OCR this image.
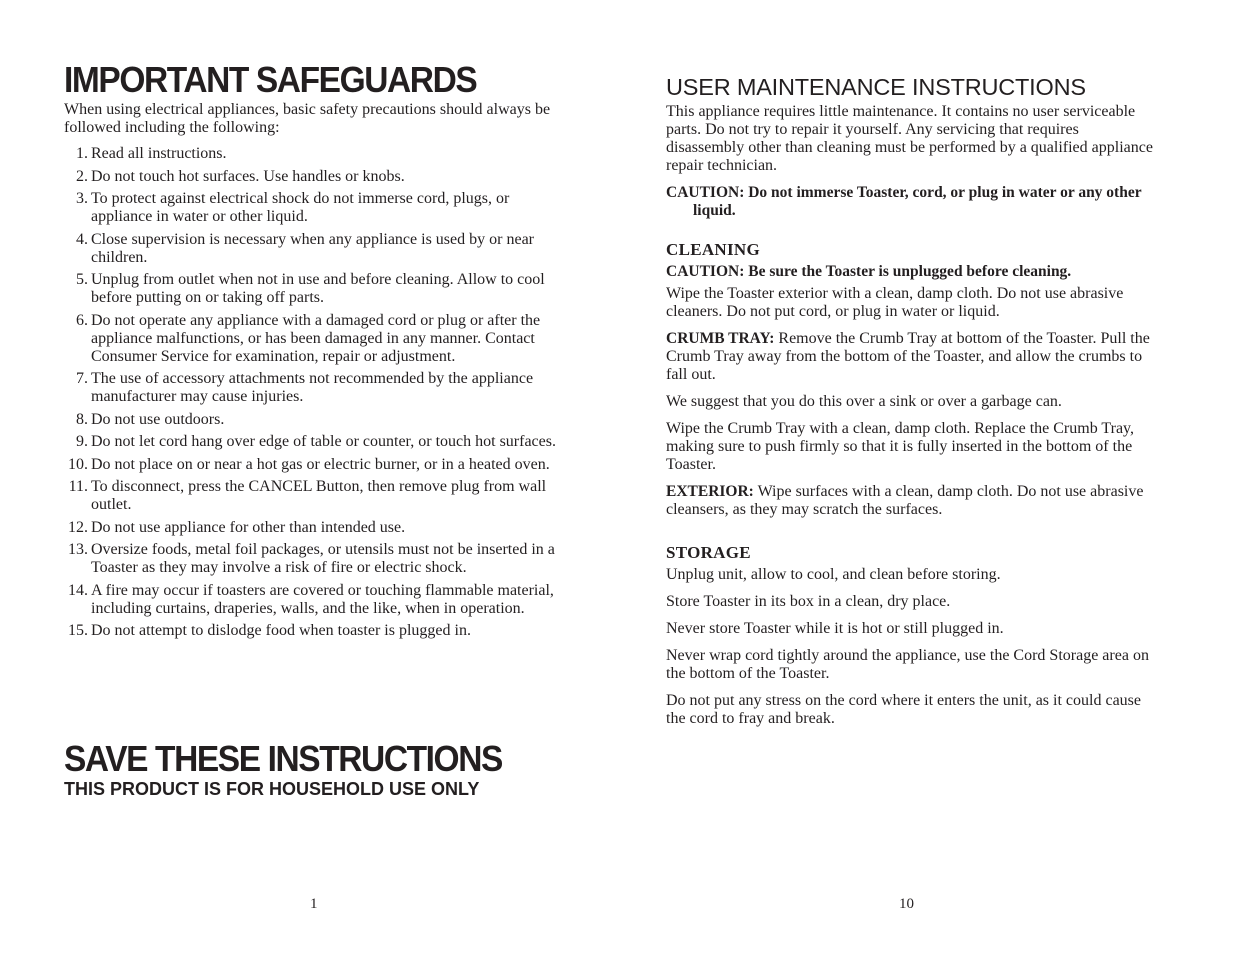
IMPORTANT SAFEGUARDS

When using electrical appliances, basic safety precautions should always be followed including the following:

1. Read all instructions.
2. Do not touch hot surfaces. Use handles or knobs.
3. To protect against electrical shock do not immerse cord, plugs, or appliance in water or other liquid.
4. Close supervision is necessary when any appliance is used by or near children.
5. Unplug from outlet when not in use and before cleaning. Allow to cool before putting on or taking off parts.
6. Do not operate any appliance with a damaged cord or plug or after the appliance malfunctions, or has been damaged in any manner. Contact Consumer Service for examination, repair or adjustment.
7. The use of accessory attachments not recommended by the appliance manufacturer may cause injuries.
8. Do not use outdoors.
9. Do not let cord hang over edge of table or counter, or touch hot surfaces.
10. Do not place on or near a hot gas or electric burner, or in a heated oven.
11. To disconnect, press the CANCEL Button, then remove plug from wall outlet.
12. Do not use appliance for other than intended use.
13. Oversize foods, metal foil packages, or utensils must not be inserted in a Toaster as they may involve a risk of fire or electric shock.
14. A fire may occur if toasters are covered or touching flammable material, including curtains, draperies, walls, and the like, when in operation.
15. Do not attempt to dislodge food when toaster is plugged in.
SAVE THESE INSTRUCTIONS
THIS PRODUCT IS FOR HOUSEHOLD USE ONLY
1
USER MAINTENANCE INSTRUCTIONS

This appliance requires little maintenance. It contains no user serviceable parts. Do not try to repair it yourself. Any servicing that requires disassembly other than cleaning must be performed by a qualified appliance repair technician.

CAUTION: Do not immerse Toaster, cord, or plug in water or any other liquid.

CLEANING

CAUTION: Be sure the Toaster is unplugged before cleaning.

Wipe the Toaster exterior with a clean, damp cloth. Do not use abrasive cleaners. Do not put cord, or plug in water or liquid.

CRUMB TRAY: Remove the Crumb Tray at bottom of the Toaster. Pull the Crumb Tray away from the bottom of the Toaster, and allow the crumbs to fall out.

We suggest that you do this over a sink or over a garbage can.

Wipe the Crumb Tray with a clean, damp cloth. Replace the Crumb Tray, making sure to push firmly so that it is fully inserted in the bottom of the Toaster.

EXTERIOR: Wipe surfaces with a clean, damp cloth. Do not use abrasive cleansers, as they may scratch the surfaces.

STORAGE

Unplug unit, allow to cool, and clean before storing.

Store Toaster in its box in a clean, dry place.

Never store Toaster while it is hot or still plugged in.

Never wrap cord tightly around the appliance, use the Cord Storage area on the bottom of the Toaster.

Do not put any stress on the cord where it enters the unit, as it could cause the cord to fray and break.

10
